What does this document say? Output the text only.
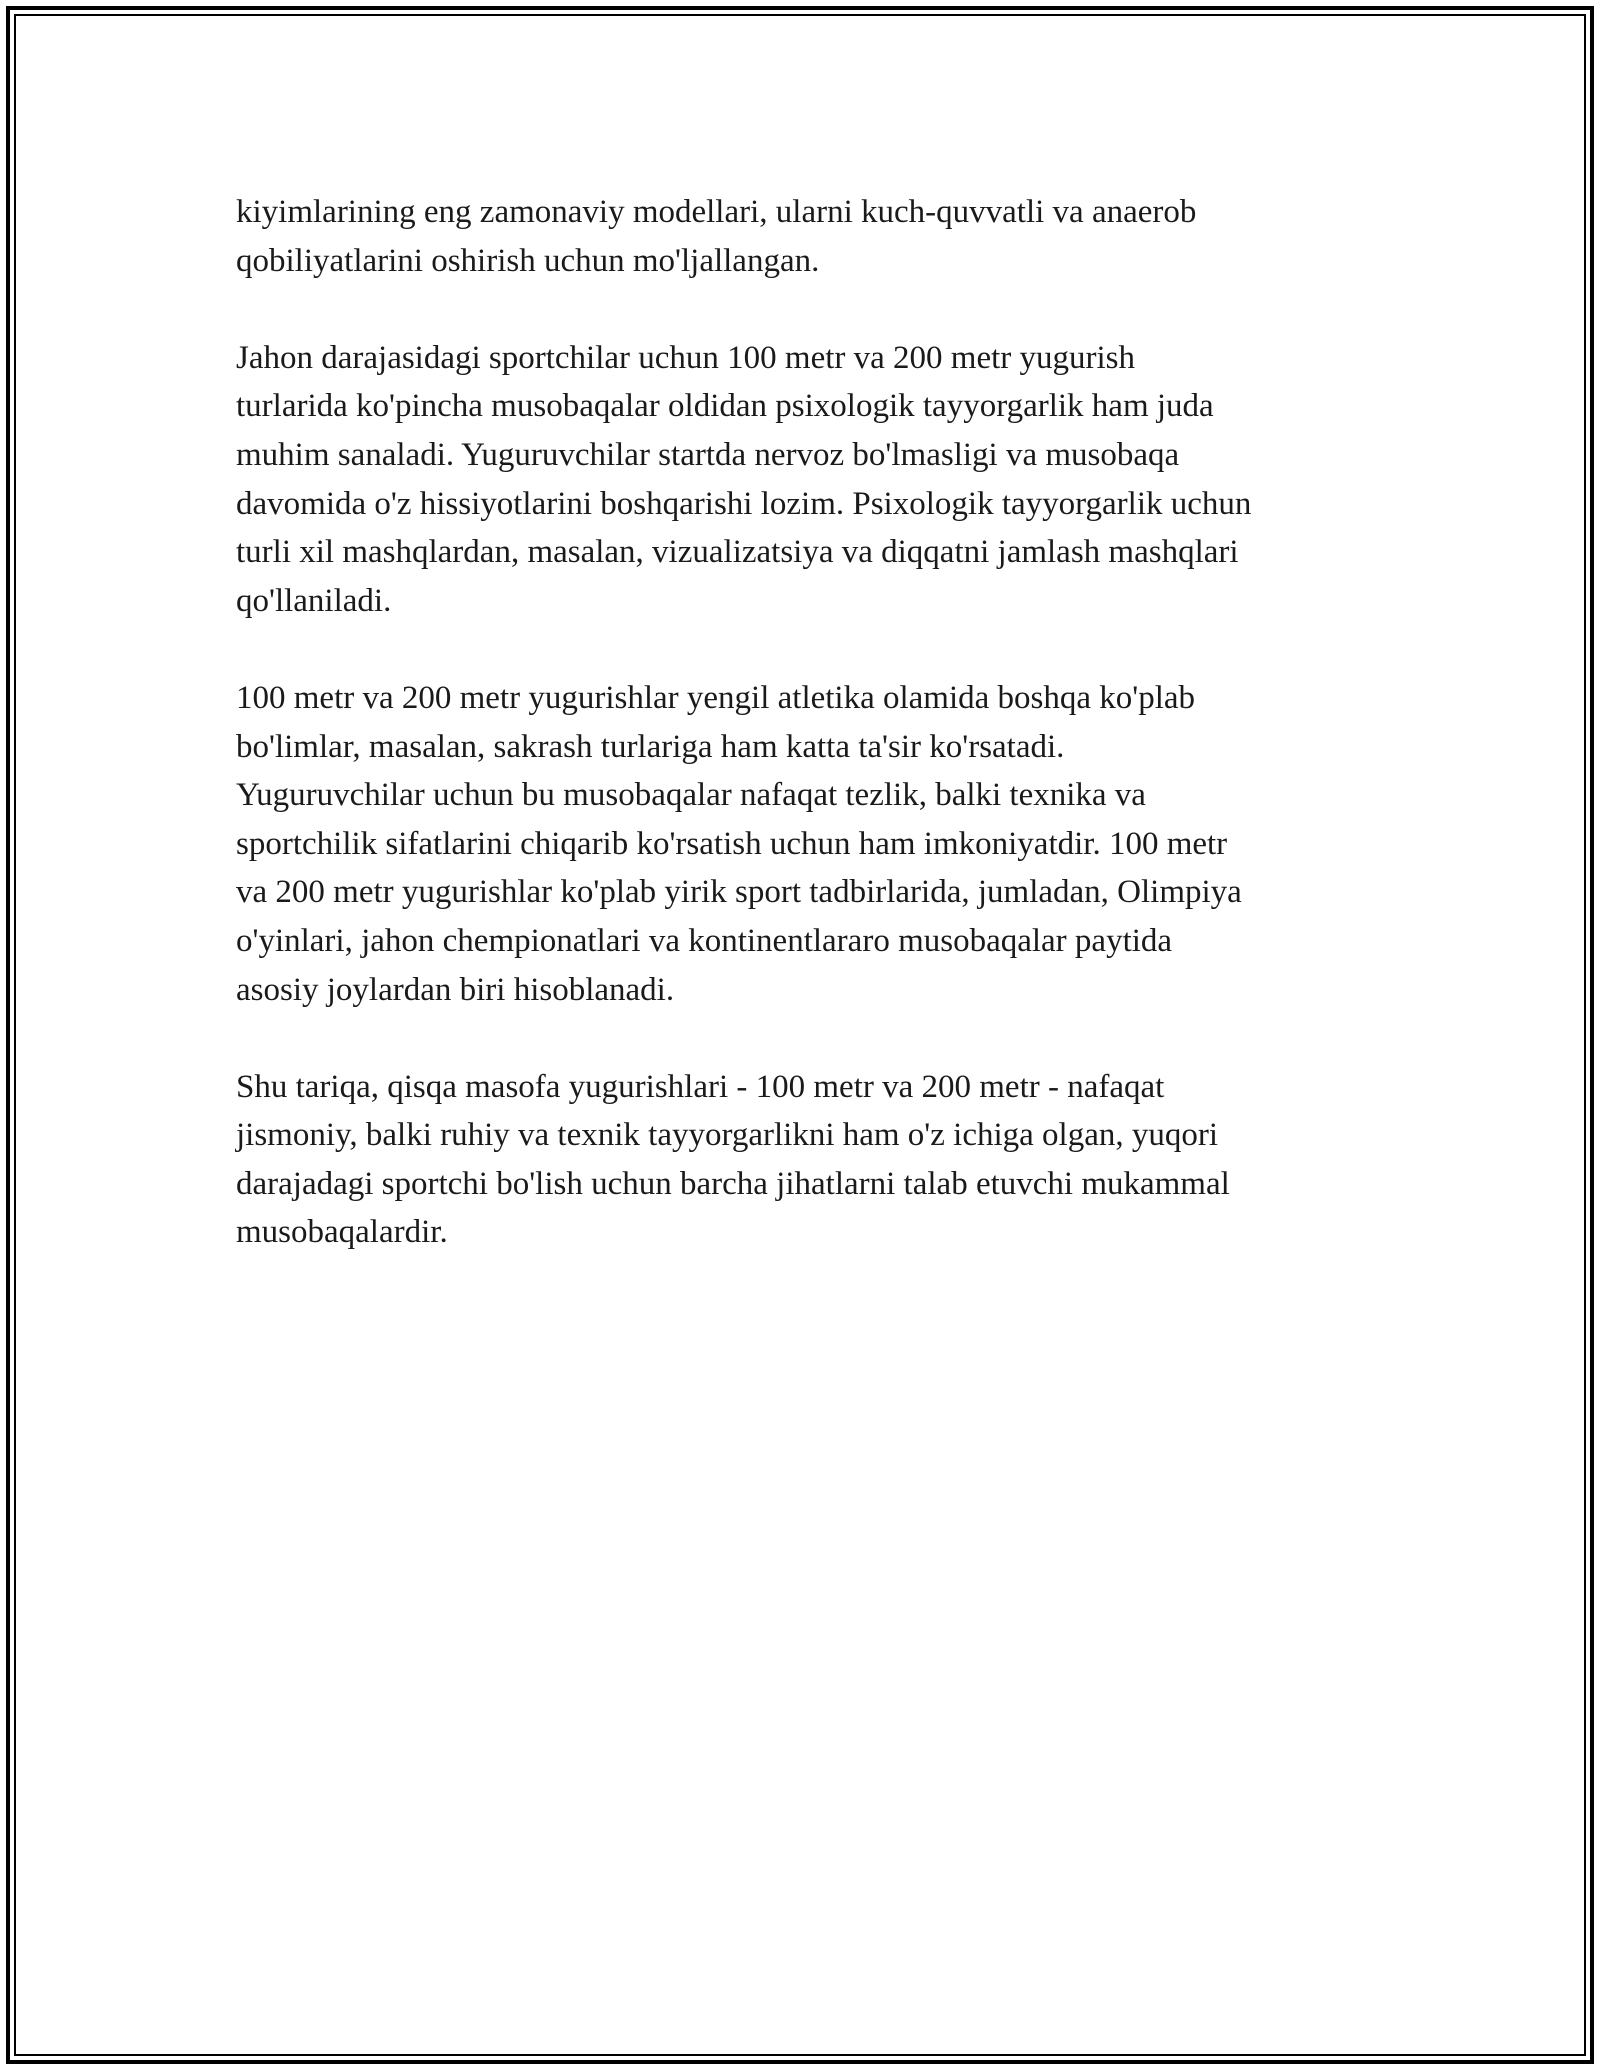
kiyimlarining eng zamonaviy modellari, ularni kuch-quvvatli va anaerob
qobiliyatlarini oshirish uchun mo'ljallangan.

Jahon darajasidagi sportchilar uchun 100 metr va 200 metr yugurish
turlarida ko'pincha musobaqalar oldidan psixologik tayyorgarlik ham juda
muhim sanaladi. Yuguruvchilar startda nervoz bo'lmasligi va musobaqa
davomida o'z hissiyotlarini boshqarishi lozim. Psixologik tayyorgarlik uchun
turli xil mashqlardan, masalan, vizualizatsiya va diqqatni jamlash mashqlari
qo'llaniladi.

100 metr va 200 metr yugurishlar yengil atletika olamida boshqa ko'plab
bo'limlar, masalan, sakrash turlariga ham katta ta'sir ko'rsatadi.
Yuguruvchilar uchun bu musobaqalar nafaqat tezlik, balki texnika va
sportchilik sifatlarini chiqarib ko'rsatish uchun ham imkoniyatdir. 100 metr
va 200 metr yugurishlar ko'plab yirik sport tadbirlarida, jumladan, Olimpiya
o'yinlari, jahon chempionatlari va kontinentlararo musobaqalar paytida
asosiy joylardan biri hisoblanadi.

Shu tariqa, qisqa masofa yugurishlari - 100 metr va 200 metr - nafaqat
jismoniy, balki ruhiy va texnik tayyorgarlikni ham o'z ichiga olgan, yuqori
darajadagi sportchi bo'lish uchun barcha jihatlarni talab etuvchi mukammal
musobaqalardir.
